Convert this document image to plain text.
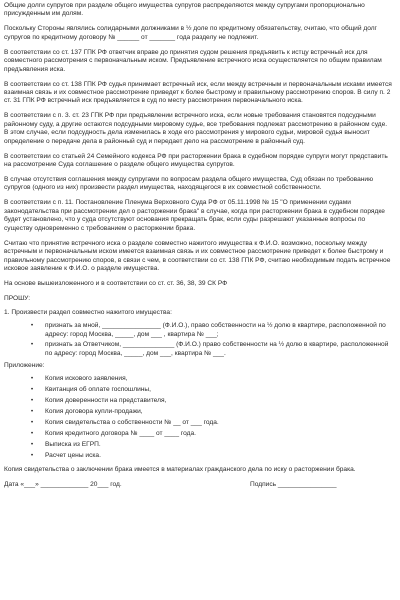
Общие долги супругов при разделе общего имущества супругов распределяются между супругами пропорционально присужденным им долям.

Поскольку Стороны являлись солидарными должниками в ½ доле по кредитному обязательству, считаю, что общий долг супругов по кредитному договору № ______ от _______ года разделу не подлежит.

В соответствии со ст. 137 ГПК РФ ответчик вправе до принятия судом решения предъявить к истцу встречный иск для совместного рассмотрения с первоначальным иском. Предъявление встречного иска осуществляется по общим правилам предъявления иска.

В соответствии со ст. 138 ГПК РФ судья принимает встречный иск, если между встречным и первоначальным исками имеется взаимная связь и их совместное рассмотрение приведет к более быстрому и правильному рассмотрению споров. В силу п. 2 ст. 31 ГПК РФ встречный иск предъявляется в суд по месту рассмотрения первоначального иска.

В соответствии с п. 3. ст. 23 ГПК РФ при предъявлении встречного иска, если новые требования становятся подсудными районному суду, а другие остаются подсудными мировому судье, все требования подлежат рассмотрению в районном суде. В этом случае, если подсудность дела изменилась в ходе его рассмотрения у мирового судьи, мировой судья выносит определение о передаче дела в районный суд и передает дело на рассмотрение в районный суд.

В соответствии со статьей 24 Семейного кодекса РФ при расторжении брака в судебном порядке супруги могут представить на рассмотрение Суда соглашение о разделе общего имущества супругов.

В случае отсутствия соглашения между супругами по вопросам раздела общего имущества, Суд обязан по требованию супругов (одного из них) произвести раздел имущества, находящегося в их совместной собственности.

В соответствии с п. 11. Постановление Пленума Верховного Суда РФ от 05.11.1998 № 15 "О применении судами законодательства при рассмотрении дел о расторжении брака" в случае, когда при расторжении брака в судебном порядке будет установлено, что у суда отсутствуют основания прекращать брак, если суды разрешают указанные вопросы по существу одновременно с требованием о расторжении брака.

Считаю что принятие встречного иска о разделе совместно нажитого имущества к Ф.И.О. возможно, поскольку между встречным и первоначальным иском имеется взаимная связь и их совместное рассмотрение приведет к более быстрому и правильному рассмотрению споров, в связи с чем, в соответствии со ст. 138 ГПК РФ, считаю необходимым подать встречное исковое заявление к Ф.И.О. о разделе имущества.

На основе вышеизложенного и в соответствии со ст. ст. 36, 38, 39 СК РФ

ПРОШУ:

1. Произвести раздел совместно нажитого имущества:

•	признать за мной, ________________ (Ф.И.О.), право собственности на ½ долю в квартире, расположенной по адресу: город Москва, _____, дом ___ , квартира № ___;
•	признать за Ответчиком, ______________ (Ф.И.О.) право собственности на ½ долю в квартире, расположенной по адресу: город Москва, _____, дом ___, квартира № ___.

Приложение:

•	Копия искового заявления,
•	Квитанция об оплате госпошлины,
•	Копия доверенности на представителя,
•	Копия договора купли-продажи,
•	Копия свидетельства о собственности № __ от ___ года.
•	Копия кредитного договора № ____ от ____ года.
•	Выписка из ЕГРП.
•	Расчет цены иска.

Копия свидетельства о заключении брака имеется в материалах гражданского дела по иску о расторжении брака.

Дата «___» _____________ 20___ год.	Подпись ________________
